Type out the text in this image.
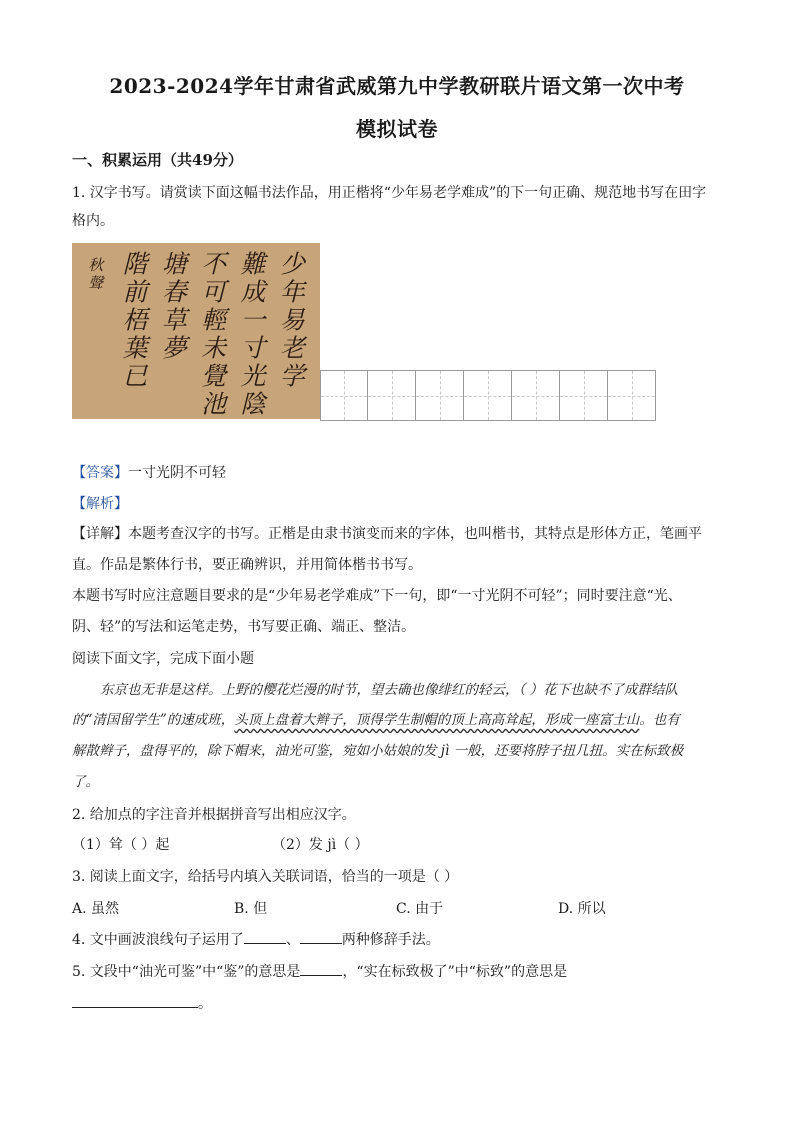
2023-2024学年甘肃省武威第九中学教研联片语文第一次中考
模拟试卷
一、积累运用（共49分）
1. 汉字书写。请赏读下面这幅书法作品，用正楷将“少年易老学难成”的下一句正确、规范地书写在田字
格内。
少
年
易
老
学
難
成
一
寸
光
陰
不
可
輕
未
覺
池
塘
春
草
夢
階
前
梧
葉
已
秋
聲
【答案】一寸光阴不可轻
【解析】
【详解】本题考查汉字的书写。正楷是由隶书演变而来的字体，也叫楷书，其特点是形体方正，笔画平
直。作品是繁体行书，要正确辨识，并用简体楷书书写。
本题书写时应注意题目要求的是“少年易老学难成”下一句，即“一寸光阴不可轻”；同时要注意“光、
阴、轻”的写法和运笔走势，书写要正确、端正、整洁。
阅读下面文字，完成下面小题
东京也无非是这样。上野的樱花烂漫的时节，望去确也像绯红的轻云，（ ）花下也缺不了成群结队
的“清国留学生”的速成班，头顶上盘着大辫子，顶得学生制帽的顶上高高耸起，形成一座富士山。也有
解散辫子，盘得平的，除下帽来，油光可鉴，宛如小姑娘的发 jì 一般，还要将脖子扭几扭。实在标致极
了。
2. 给加点的字注音并根据拼音写出相应汉字。
（1）耸（ ）起	（2）发 jì（ ）
3. 阅读上面文字，给括号内填入关联词语，恰当的一项是（ ）
A. 虽然	B. 但	C. 由于	D. 所以
4. 文中画波浪线句子运用了	、	两种修辞手法。
5. 文段中“油光可鉴”中“鉴”的意思是	，“实在标致极了”中“标致”的意思是
。
